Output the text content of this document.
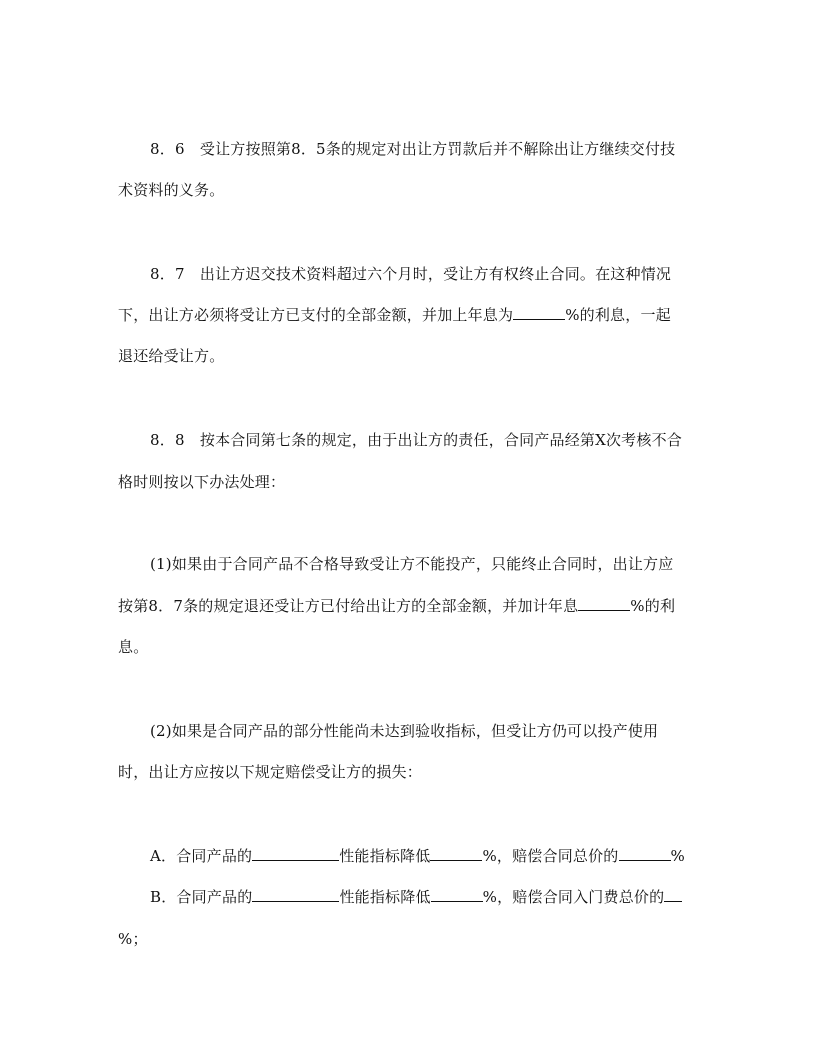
8．6　受让方按照第8．5条的规定对出让方罚款后并不解除出让方继续交付技
术资料的义务。
8．7　出让方迟交技术资料超过六个月时，受让方有权终止合同。在这种情况
下，出让方必须将受让方已支付的全部金额，并加上年息为	%的利息，一起
退还给受让方。
8．8　按本合同第七条的规定，由于出让方的责任，合同产品经第X次考核不合
格时则按以下办法处理：
(1)如果由于合同产品不合格导致受让方不能投产，只能终止合同时，出让方应
按第8．7条的规定退还受让方已付给出让方的全部金额，并加计年息	%的利
息。
(2)如果是合同产品的部分性能尚未达到验收指标，但受让方仍可以投产使用
时，出让方应按以下规定赔偿受让方的损失：
A．合同产品的	性能指标降低	%，赔偿合同总价的	%
B．合同产品的	性能指标降低	%，赔偿合同入门费总价的
%；
